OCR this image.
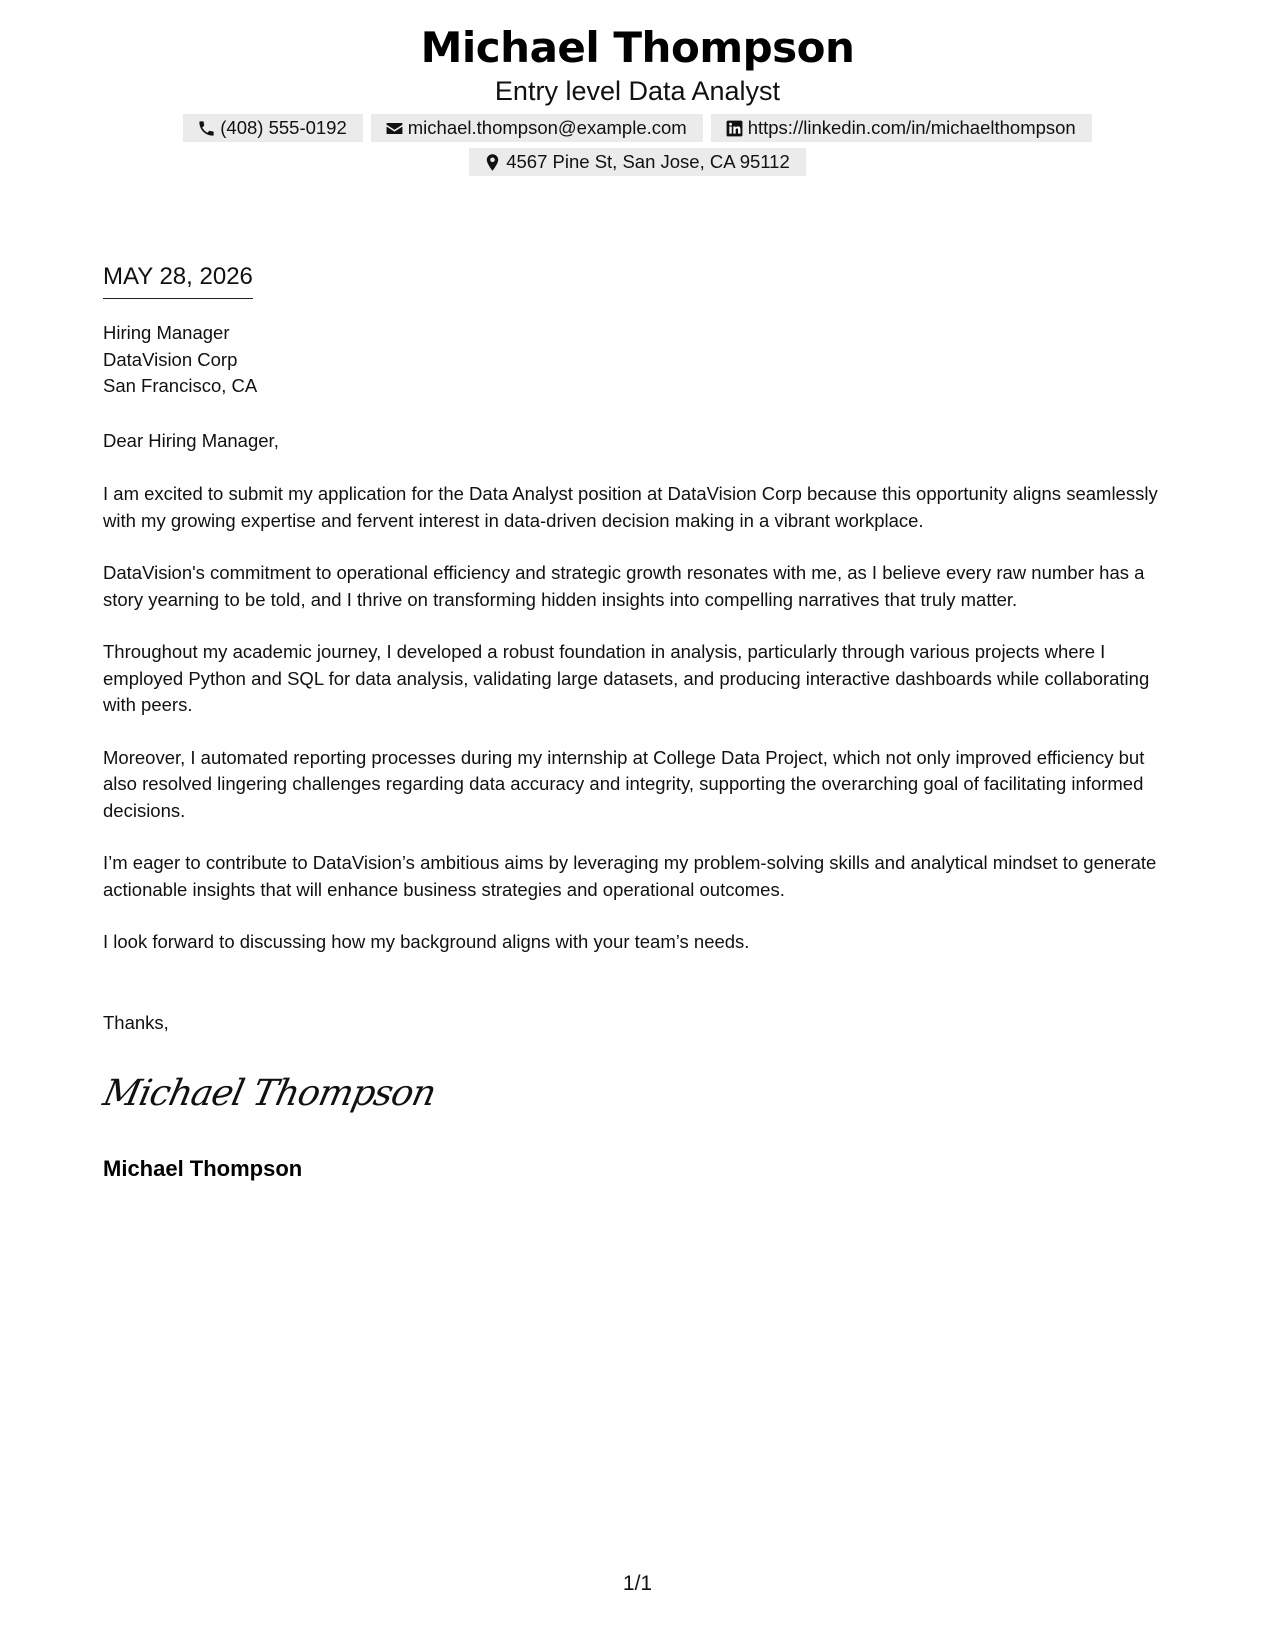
Michael Thompson
Entry level Data Analyst
(408) 555-0192	michael.thompson@example.com	https://linkedin.com/in/michaelthompson
4567 Pine St, San Jose, CA 95112
MAY 28, 2026
Hiring Manager
DataVision Corp
San Francisco, CA
Dear Hiring Manager,

I am excited to submit my application for the Data Analyst position at DataVision Corp because this opportunity aligns seamlessly with my growing expertise and fervent interest in data-driven decision making in a vibrant workplace.

DataVision's commitment to operational efficiency and strategic growth resonates with me, as I believe every raw number has a story yearning to be told, and I thrive on transforming hidden insights into compelling narratives that truly matter.

Throughout my academic journey, I developed a robust foundation in analysis, particularly through various projects where I employed Python and SQL for data analysis, validating large datasets, and producing interactive dashboards while collaborating with peers.

Moreover, I automated reporting processes during my internship at College Data Project, which not only improved efficiency but also resolved lingering challenges regarding data accuracy and integrity, supporting the overarching goal of facilitating informed decisions.

I’m eager to contribute to DataVision’s ambitious aims by leveraging my problem-solving skills and analytical mindset to generate actionable insights that will enhance business strategies and operational outcomes.

I look forward to discussing how my background aligns with your team’s needs.

Thanks,
Michael Thompson
Michael Thompson
1/1
